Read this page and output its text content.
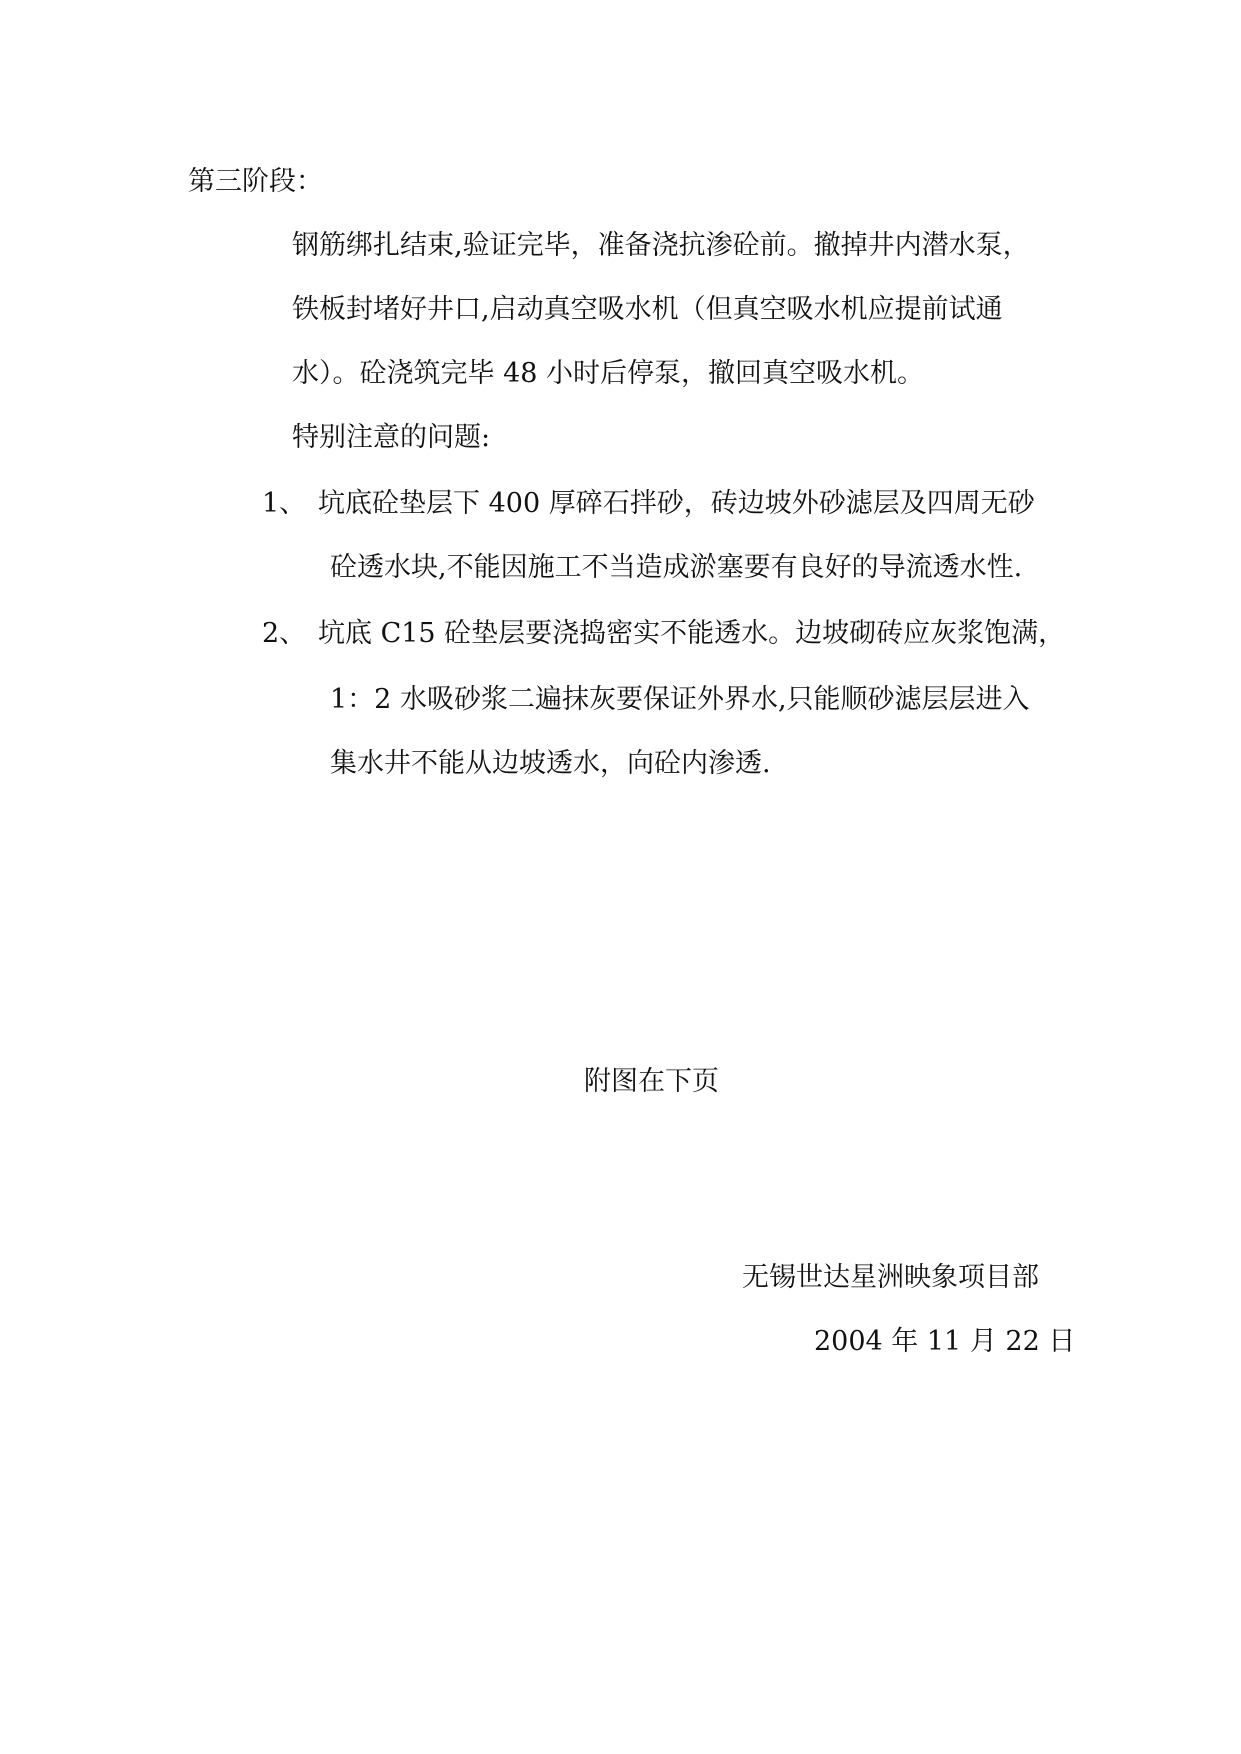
第三阶段：
钢筋绑扎结束,验证完毕，准备浇抗渗砼前。撤掉井内潜水泵，
铁板封堵好井口,启动真空吸水机（但真空吸水机应提前试通
水）。砼浇筑完毕 48 小时后停泵，撤回真空吸水机。
特别注意的问题:
1、 坑底砼垫层下 400 厚碎石拌砂，砖边坡外砂滤层及四周无砂
砼透水块,不能因施工不当造成淤塞要有良好的导流透水性.
2、 坑底 C15 砼垫层要浇捣密实不能透水。边坡砌砖应灰浆饱满，
1：2 水吸砂浆二遍抹灰要保证外界水,只能顺砂滤层层进入
集水井不能从边坡透水，向砼内渗透.
附图在下页
无锡世达星洲映象项目部
2004 年 11 月 22 日
